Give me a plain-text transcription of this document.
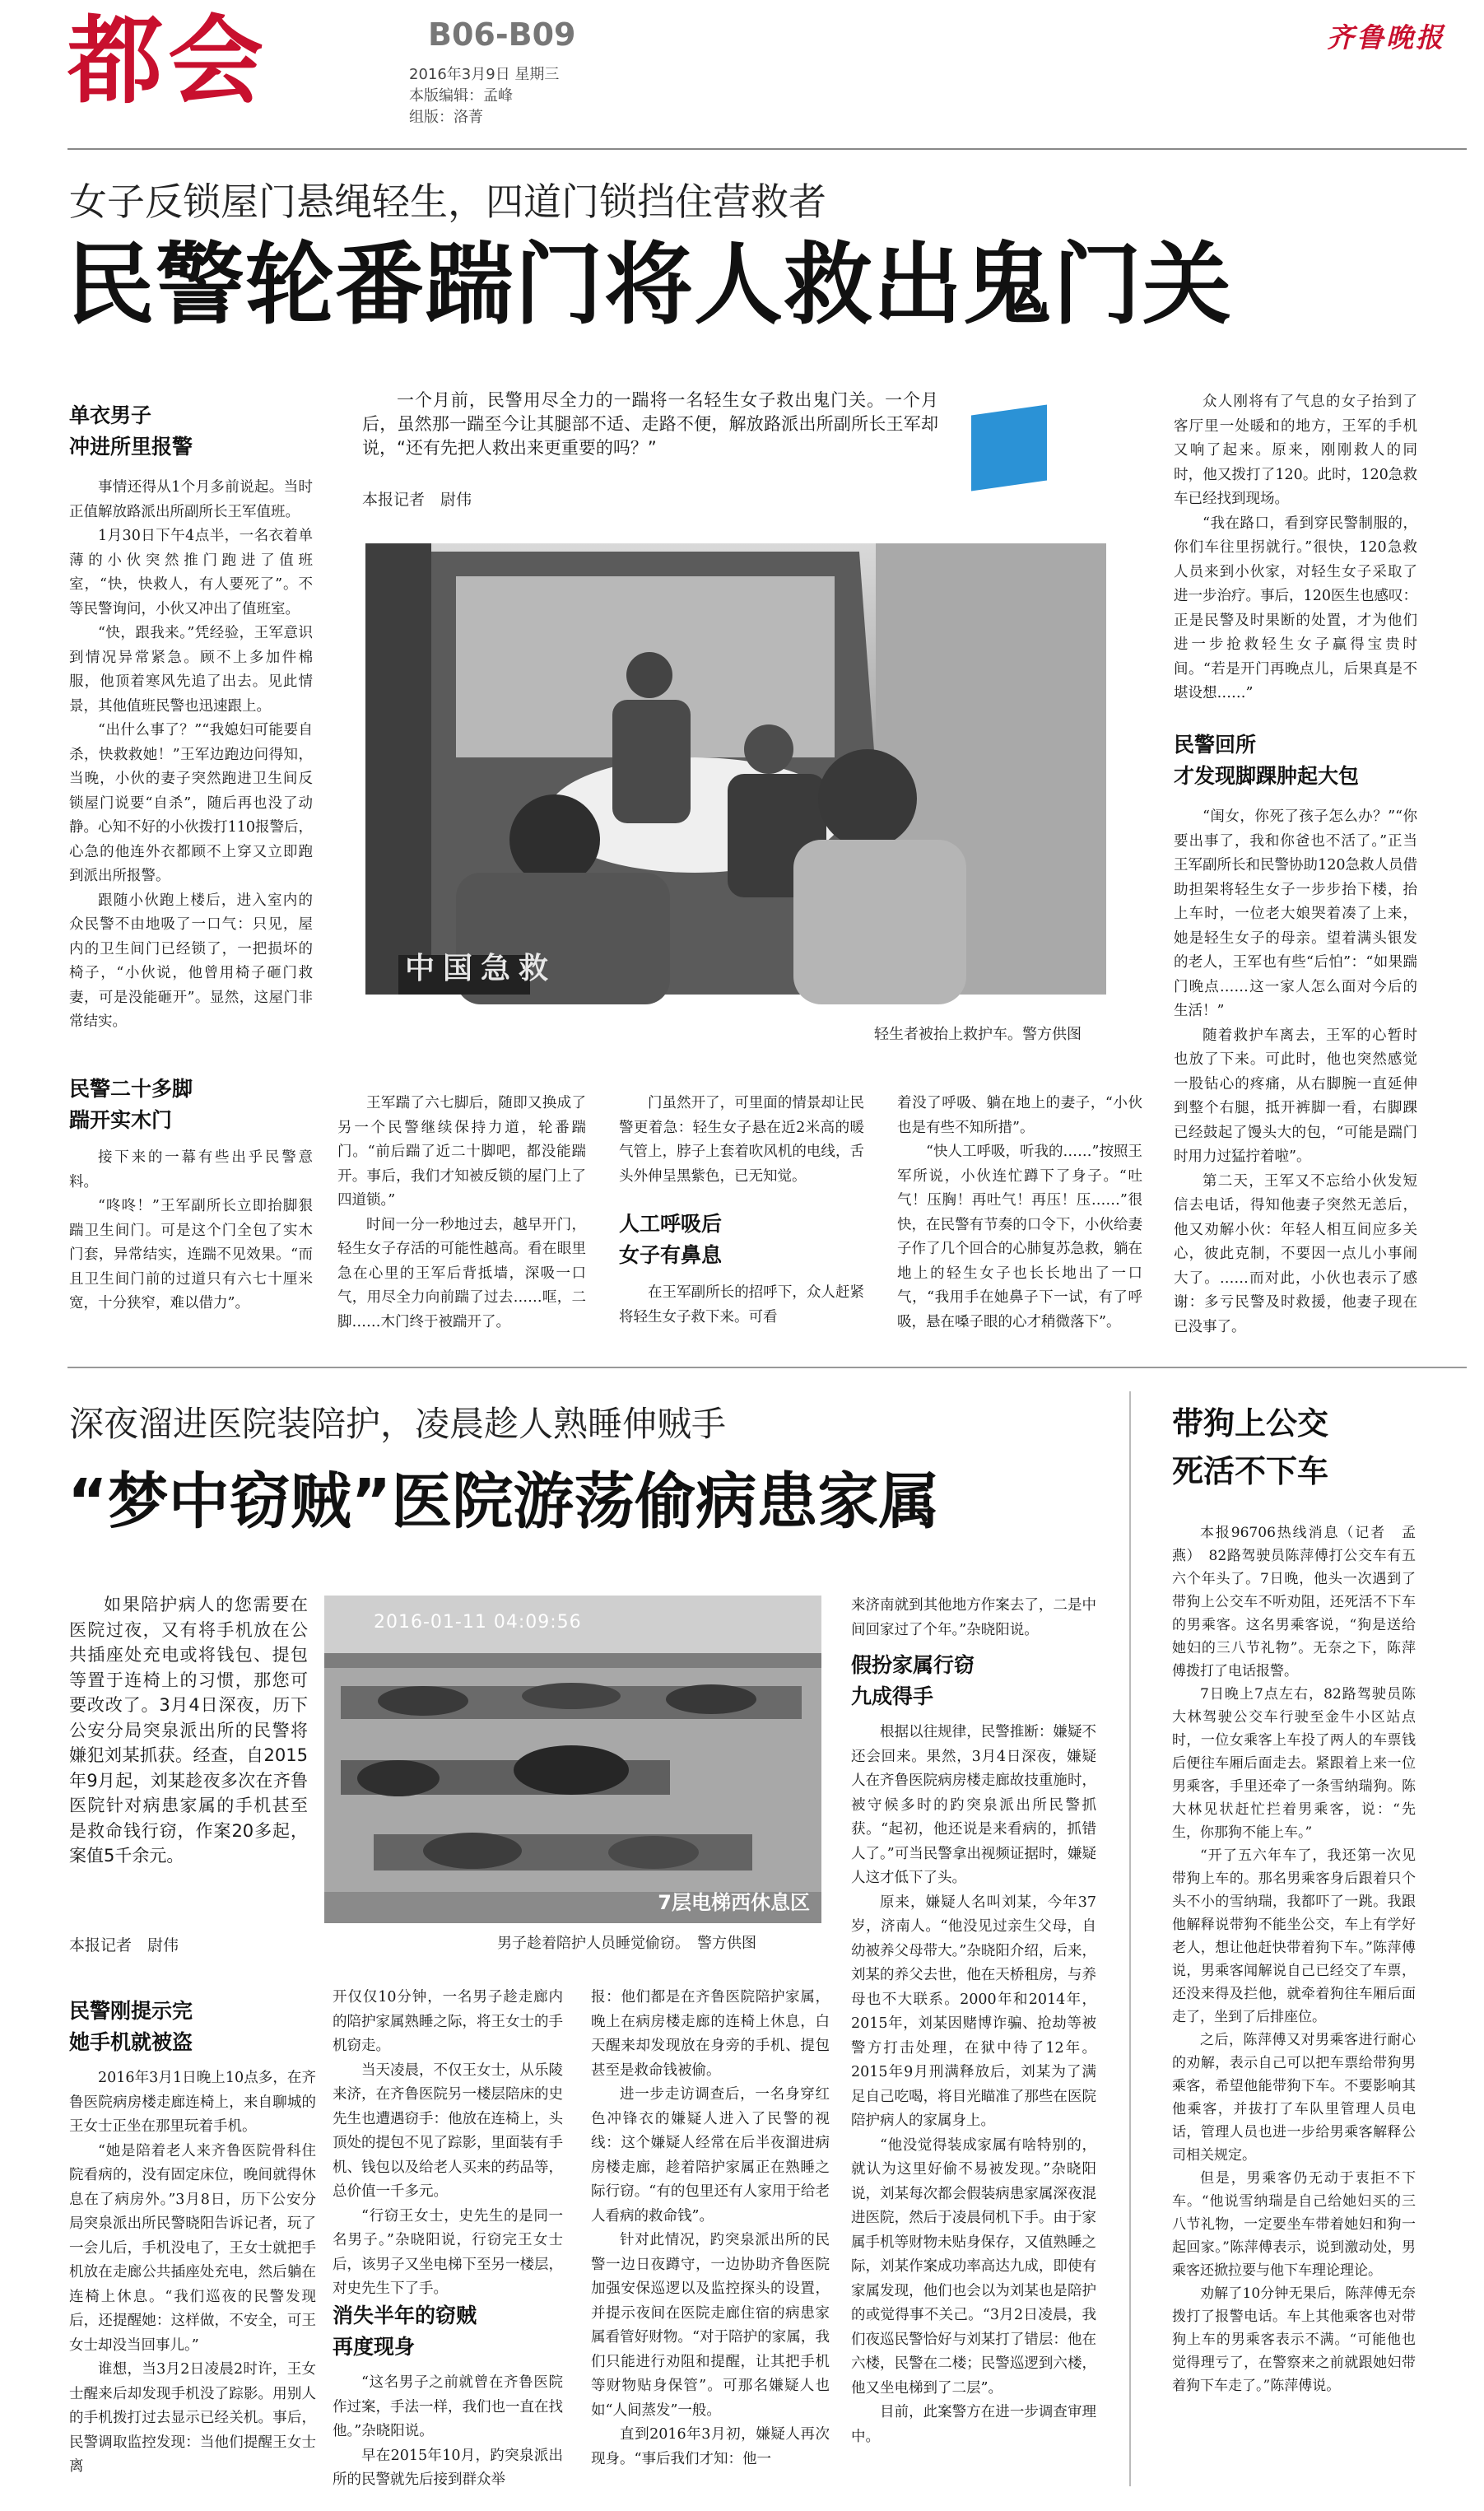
都会	B06-B09
2016年3月9日 星期三
本版编辑：孟峰
组版：洛菁
齐鲁晚报
女子反锁屋门悬绳轻生，四道门锁挡住营救者
民警轮番踹门将人救出鬼门关
单衣男子
冲进所里报警

事情还得从1个月多前说起。当时正值解放路派出所副所长王军值班。

1月30日下午4点半，一名衣着单薄的小伙突然推门跑进了值班室，“快，快救人，有人要死了”。不等民警询问，小伙又冲出了值班室。

“快，跟我来。”凭经验，王军意识到情况异常紧急。顾不上多加件棉服，他顶着寒风先追了出去。见此情景，其他值班民警也迅速跟上。

“出什么事了？”“我媳妇可能要自杀，快救救她！”王军边跑边问得知，当晚，小伙的妻子突然跑进卫生间反锁屋门说要“自杀”，随后再也没了动静。心知不好的小伙拨打110报警后，心急的他连外衣都顾不上穿又立即跑到派出所报警。

跟随小伙跑上楼后，进入室内的众民警不由地吸了一口气：只见，屋内的卫生间门已经锁了，一把损坏的椅子，“小伙说，他曾用椅子砸门救妻，可是没能砸开”。显然，这屋门非常结实。

民警二十多脚
踹开实木门

接下来的一幕有些出乎民警意料。

“咚咚！”王军副所长立即抬脚狠踹卫生间门。可是这个门全包了实木门套，异常结实，连踹不见效果。“而且卫生间门前的过道只有六七十厘米宽，十分狭窄，难以借力”。

一个月前，民警用尽全力的一踹将一名轻生女子救出鬼门关。一个月后，虽然那一踹至今让其腿部不适、走路不便，解放路派出所副所长王军却说，“还有先把人救出来更重要的吗？”
本报记者　尉伟
中国急救
轻生者被抬上救护车。警方供图

王军踹了六七脚后，随即又换成了另一个民警继续保持力道，轮番踹门。“前后踹了近二十脚吧，都没能踹开。事后，我们才知被反锁的屋门上了四道锁。”

时间一分一秒地过去，越早开门，轻生女子存活的可能性越高。看在眼里急在心里的王军后背抵墙，深吸一口气，用尽全力向前踹了过去……哐，二脚……木门终于被踹开了。

门虽然开了，可里面的情景却让民警更着急：轻生女子悬在近2米高的暖气管上，脖子上套着吹风机的电线，舌头外伸呈黑紫色，已无知觉。

人工呼吸后
女子有鼻息

在王军副所长的招呼下，众人赶紧将轻生女子救下来。可看

着没了呼吸、躺在地上的妻子，“小伙也是有些不知所措”。

“快人工呼吸，听我的……”按照王军所说，小伙连忙蹲下了身子。“吐气！压胸！再吐气！再压！压……”很快，在民警有节奏的口令下，小伙给妻子作了几个回合的心肺复苏急救，躺在地上的轻生女子也长长地出了一口气，“我用手在她鼻子下一试，有了呼吸，悬在嗓子眼的心才稍微落下”。

众人刚将有了气息的女子抬到了客厅里一处暖和的地方，王军的手机又响了起来。原来，刚刚救人的同时，他又拨打了120。此时，120急救车已经找到现场。

“我在路口，看到穿民警制服的，你们车往里拐就行。”很快，120急救人员来到小伙家，对轻生女子采取了进一步治疗。事后，120医生也感叹：正是民警及时果断的处置，才为他们进一步抢救轻生女子赢得宝贵时间。“若是开门再晚点儿，后果真是不堪设想……”

民警回所
才发现脚踝肿起大包

“闺女，你死了孩子怎么办？”“你要出事了，我和你爸也不活了。”正当王军副所长和民警协助120急救人员借助担架将轻生女子一步步抬下楼，抬上车时，一位老大娘哭着凑了上来，她是轻生女子的母亲。望着满头银发的老人，王军也有些“后怕”：“如果踹门晚点……这一家人怎么面对今后的生活！”

随着救护车离去，王军的心暂时也放了下来。可此时，他也突然感觉一股钻心的疼痛，从右脚腕一直延伸到整个右腿，抵开裤脚一看，右脚踝已经鼓起了馒头大的包，“可能是踹门时用力过猛拧着啦”。

第二天，王军又不忘给小伙发短信去电话，得知他妻子突然无恙后，他又劝解小伙：年轻人相互间应多关心，彼此克制，不要因一点儿小事闹大了。……而对此，小伙也表示了感谢：多亏民警及时救援，他妻子现在已没事了。

深夜溜进医院装陪护，凌晨趁人熟睡伸贼手
“梦中窃贼”医院游荡偷病患家属
如果陪护病人的您需要在医院过夜，又有将手机放在公共插座处充电或将钱包、提包等置于连椅上的习惯，那您可要改改了。3月4日深夜，历下公安分局突泉派出所的民警将嫌犯刘某抓获。经查，自2015年9月起，刘某趁夜多次在齐鲁医院针对病患家属的手机甚至是救命钱行窃，作案20多起，案值5千余元。
本报记者　尉伟
2016-01-11 04:09:56
7层电梯西休息区
男子趁着陪护人员睡觉偷窃。　警方供图

来济南就到其他地方作案去了，二是中间回家过了个年。”杂晓阳说。

假扮家属行窃
九成得手

根据以往规律，民警推断：嫌疑不还会回来。果然，3月4日深夜，嫌疑人在齐鲁医院病房楼走廊故技重施时，被守候多时的趵突泉派出所民警抓获。“起初，他还说是来看病的，抓错人了。”可当民警拿出视频证据时，嫌疑人这才低下了头。

原来，嫌疑人名叫刘某，今年37岁，济南人。“他没见过亲生父母，自幼被养父母带大。”杂晓阳介绍，后来，刘某的养父去世，他在天桥租房，与养母也不大联系。2000年和2014年，2015年，刘某因赌博诈骗、抢劫等被警方打击处理，在狱中待了12年。2015年9月刑满释放后，刘某为了满足自己吃喝，将目光瞄准了那些在医院陪护病人的家属身上。

“他没觉得装成家属有啥特别的，就认为这里好偷不易被发现。”杂晓阳说，刘某每次都会假装病患家属深夜混进医院，然后于凌晨伺机下手。由于家属手机等财物未贴身保存，又值熟睡之际，刘某作案成功率高达九成，即使有家属发现，他们也会以为刘某也是陪护的或觉得事不关己。“3月2日凌晨，我们夜巡民警恰好与刘某打了错层：他在六楼，民警在二楼；民警巡逻到六楼，他又坐电梯到了二层”。

目前，此案警方在进一步调查审理中。

民警刚提示完
她手机就被盗

2016年3月1日晚上10点多，在齐鲁医院病房楼走廊连椅上，来自聊城的王女士正坐在那里玩着手机。

“她是陪着老人来齐鲁医院骨科住院看病的，没有固定床位，晚间就得休息在了病房外。”3月8日，历下公安分局突泉派出所民警晓阳告诉记者，玩了一会儿后，手机没电了，王女士就把手机放在走廊公共插座处充电，然后躺在连椅上休息。“我们巡夜的民警发现后，还提醒她：这样做，不安全，可王女士却没当回事儿。”

谁想，当3月2日凌晨2时许，王女士醒来后却发现手机没了踪影。用别人的手机拨打过去显示已经关机。事后，民警调取监控发现：当他们提醒王女士离

开仅仅10分钟，一名男子趁走廊内的陪护家属熟睡之际，将王女士的手机窃走。

当天凌晨，不仅王女士，从乐陵来济，在齐鲁医院另一楼层陪床的史先生也遭遇窃手：他放在连椅上，头顶处的提包不见了踪影，里面装有手机、钱包以及给老人买来的药品等，总价值一千多元。

“行窃王女士，史先生的是同一名男子。”杂晓阳说，行窃完王女士后，该男子又坐电梯下至另一楼层，对史先生下了手。

消失半年的窃贼
再度现身

“这名男子之前就曾在齐鲁医院作过案，手法一样，我们也一直在找他。”杂晓阳说。

早在2015年10月，趵突泉派出所的民警就先后接到群众举

报：他们都是在齐鲁医院陪护家属，晚上在病房楼走廊的连椅上休息，白天醒来却发现放在身旁的手机、提包甚至是救命钱被偷。

进一步走访调查后，一名身穿红色冲锋衣的嫌疑人进入了民警的视线：这个嫌疑人经常在后半夜溜进病房楼走廊，趁着陪护家属正在熟睡之际行窃。“有的包里还有人家用于给老人看病的救命钱”。

针对此情况，趵突泉派出所的民警一边日夜蹲守，一边协助齐鲁医院加强安保巡逻以及监控探头的设置，并提示夜间在医院走廊住宿的病患家属看管好财物。“对于陪护的家属，我们只能进行劝阻和提醒，让其把手机等财物贴身保管”。可那名嫌疑人也如“人间蒸发”一般。

直到2016年3月初，嫌疑人再次现身。“事后我们才知：他一

带狗上公交
死活不下车

本报96706热线消息（记者　孟燕）　82路驾驶员陈萍傅打公交车有五六个年头了。7日晚，他头一次遇到了带狗上公交车不听劝阻，还死活不下车的男乘客。这名男乘客说，“狗是送给她妇的三八节礼物”。无奈之下，陈萍傅拨打了电话报警。

7日晚上7点左右，82路驾驶员陈大林驾驶公交车行驶至金牛小区站点时，一位女乘客上车投了两人的车票钱后便往车厢后面走去。紧跟着上来一位男乘客，手里还牵了一条雪纳瑞狗。陈大林见状赶忙拦着男乘客，说：“先生，你那狗不能上车。”

“开了五六年车了，我还第一次见带狗上车的。那名男乘客身后跟着只个头不小的雪纳瑞，我都吓了一跳。我跟他解释说带狗不能坐公交，车上有学好老人，想让他赶快带着狗下车。”陈萍傅说，男乘客闻解说自己已经交了车票，还没来得及拦他，就牵着狗往车厢后面走了，坐到了后排座位。

之后，陈萍傅又对男乘客进行耐心的劝解，表示自己可以把车票给带狗男乘客，希望他能带狗下车。不要影响其他乘客，并拔打了车队里管理人员电话，管理人员也进一步给男乘客解释公司相关规定。

但是，男乘客仍无动于衷拒不下车。“他说雪纳瑞是自己给她妇买的三八节礼物，一定要坐车带着她妇和狗一起回家。”陈萍傅表示，说到激动处，男乘客还掀拉要与他下车理论理论。

劝解了10分钟无果后，陈萍傅无奈拨打了报警电话。车上其他乘客也对带狗上车的男乘客表示不满。“可能他也觉得理亏了，在警察来之前就跟她妇带着狗下车走了。”陈萍傅说。
